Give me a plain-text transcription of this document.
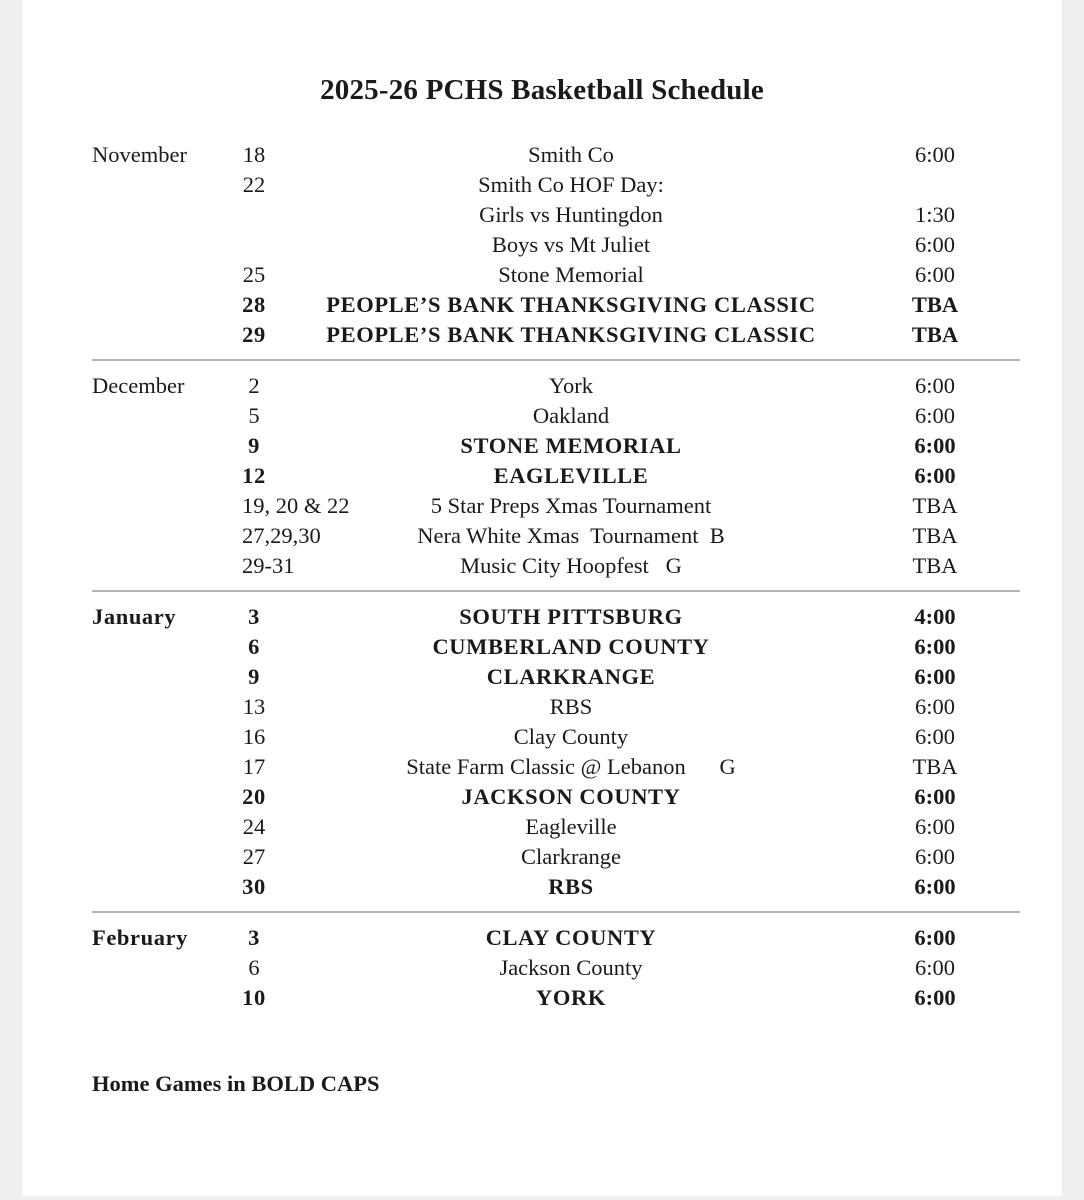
2025-26 PCHS Basketball Schedule
November 18	Smith Co	6:00
22	Smith Co HOF Day:
Girls vs Huntingdon	1:30
Boys vs Mt Juliet	6:00
25	Stone Memorial	6:00
28	PEOPLE’S BANK THANKSGIVING CLASSIC	TBA
29	PEOPLE’S BANK THANKSGIVING CLASSIC	TBA
December	2	York	6:00
5	Oakland	6:00
9	STONE MEMORIAL	6:00
12	EAGLEVILLE	6:00
19, 20 & 22	5 Star Preps Xmas Tournament	TBA
27,29,30	Nera White Xmas  Tournament  B	TBA
29-31	Music City Hoopfest   G	TBA
January	3	SOUTH PITTSBURG	4:00
6	CUMBERLAND COUNTY	6:00
9	CLARKRANGE	6:00
13	RBS	6:00
16	Clay County	6:00
17	State Farm Classic @ Lebanon      G	TBA
20	JACKSON COUNTY	6:00
24	Eagleville	6:00
27	Clarkrange	6:00
30	RBS	6:00
February	3	CLAY COUNTY	6:00
6	Jackson County	6:00
10	YORK	6:00
Home Games in BOLD CAPS
